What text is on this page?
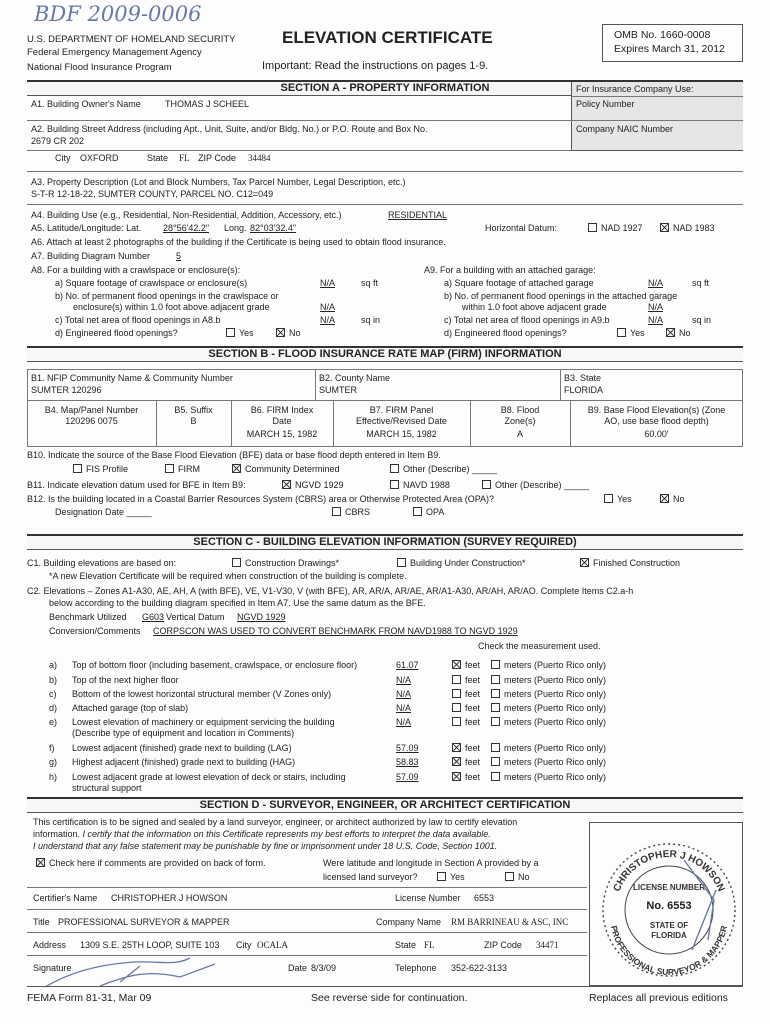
BDF 2009-0006
U.S. DEPARTMENT OF HOMELAND SECURITY
Federal Emergency Management Agency
National Flood Insurance Program
ELEVATION CERTIFICATE
Important: Read the instructions on pages 1-9.
OMB No. 1660-0008
Expires March 31, 2012
SECTION A - PROPERTY INFORMATION	For Insurance Company Use:
Policy Number
Company NAIC Number
A1. Building Owner's Name	THOMAS J SCHEEL
A2. Building Street Address (including Apt., Unit, Suite, and/or Bldg. No.) or P.O. Route and Box No.
2679 CR 202
City OXFORD	State FL ZIP Code 34484
A3. Property Description (Lot and Block Numbers, Tax Parcel Number, Legal Description, etc.)
S-T-R 12-18-22, SUMTER COUNTY, PARCEL NO. C12=049
A4. Building Use (e.g., Residential, Non-Residential, Addition, Accessory, etc.)	RESIDENTIAL
A5. Latitude/Longitude: Lat. 28°56'42.2" Long. 82°03'32.4"	Horizontal Datum:	NAD 1927	NAD 1983
A6. Attach at least 2 photographs of the building if the Certificate is being used to obtain flood insurance.
A7. Building Diagram Number	5
A8. For a building with a crawlspace or enclosure(s):
a) Square footage of crawlspace or enclosure(s)	N/A	sq ft
b) No. of permanent flood openings in the crawlspace or
enclosure(s) within 1.0 foot above adjacent grade	N/A
c) Total net area of flood openings in A8.b	N/A	sq in
d) Engineered flood openings?	Yes	No
A9. For a building with an attached garage:
a) Square footage of attached garage	N/A	sq ft
b) No. of permanent flood openings in the attached garage
within 1.0 foot above adjacent grade	N/A
c) Total net area of flood openings in A9.b	N/A	sq in
d) Engineered flood openings?	Yes	No
SECTION B - FLOOD INSURANCE RATE MAP (FIRM) INFORMATION
B1. NFIP Community Name & Community Number
SUMTER 120296
B2. County Name
SUMTER
B3. State
FLORIDA
B4. Map/Panel Number
120296 0075
B5. Suffix
B
B6. FIRM Index
Date
MARCH 15, 1982
B7. FIRM Panel
Effective/Revised Date
MARCH 15, 1982
B8. Flood
Zone(s)
A
B9. Base Flood Elevation(s) (Zone
AO, use base flood depth)
60.00'
B10. Indicate the source of the Base Flood Elevation (BFE) data or base flood depth entered in Item B9.
FIS Profile	FIRM	Community Determined	Other (Describe) _____
B11. Indicate elevation datum used for BFE in Item B9:	NGVD 1929	NAVD 1988	Other (Describe) _____
B12. Is the building located in a Coastal Barrier Resources System (CBRS) area or Otherwise Protected Area (OPA)?	Yes	No
Designation Date _____	CBRS	OPA
SECTION C - BUILDING ELEVATION INFORMATION (SURVEY REQUIRED)
C1. Building elevations are based on:	Construction Drawings*	Building Under Construction*	Finished Construction
*A new Elevation Certificate will be required when construction of the building is complete.
C2. Elevations – Zones A1-A30, AE, AH, A (with BFE), VE, V1-V30, V (with BFE), AR, AR/A, AR/AE, AR/A1-A30, AR/AH, AR/AO. Complete Items C2.a-h
below according to the building diagram specified in Item A7. Use the same datum as the BFE.
Benchmark Utilized G603 Vertical Datum NGVD 1929
Conversion/Comments CORPSCON WAS USED TO CONVERT BENCHMARK FROM NAVD1988 TO NGVD 1929
Check the measurement used.
a) Top of bottom floor (including basement, crawlspace, or enclosure floor)	61.07	feet	meters (Puerto Rico only)
b) Top of the next higher floor	N/A	feet	meters (Puerto Rico only)
c) Bottom of the lowest horizontal structural member (V Zones only)	N/A	feet	meters (Puerto Rico only)
d) Attached garage (top of slab)	N/A	feet	meters (Puerto Rico only)
e) Lowest elevation of machinery or equipment servicing the building
(Describe type of equipment and location in Comments)
N/A	feet	meters (Puerto Rico only)
f) Lowest adjacent (finished) grade next to building (LAG)	57.09	feet	meters (Puerto Rico only)
g) Highest adjacent (finished) grade next to building (HAG)	58.83	feet	meters (Puerto Rico only)
h) Lowest adjacent grade at lowest elevation of deck or stairs, including
structural support
57.09	feet	meters (Puerto Rico only)
SECTION D - SURVEYOR, ENGINEER, OR ARCHITECT CERTIFICATION
This certification is to be signed and sealed by a land surveyor, engineer, or architect authorized by law to certify elevation
information. I certify that the information on this Certificate represents my best efforts to interpret the data available.
I understand that any false statement may be punishable by fine or imprisonment under 18 U.S. Code, Section 1001.
Check here if comments are provided on back of form.	Were latitude and longitude in Section A provided by a
licensed land surveyor?	Yes	No
Certifier's Name CHRISTOPHER J HOWSON	License Number 6553
Title PROFESSIONAL SURVEYOR & MAPPER	Company Name RM BARRINEAU & ASC, INC
Address 1309 S.E. 25TH LOOP, SUITE 103 City OCALA	State FL	ZIP Code 34471
Signature	Date 8/3/09	Telephone 352-622-3133
CHRISTOPHER J HOWSON
PROFESSIONAL SURVEYOR & MAPPER
LICENSE NUMBER
No. 6553
STATE OF
FLORIDA
FEMA Form 81-31, Mar 09	See reverse side for continuation.	Replaces all previous editions
